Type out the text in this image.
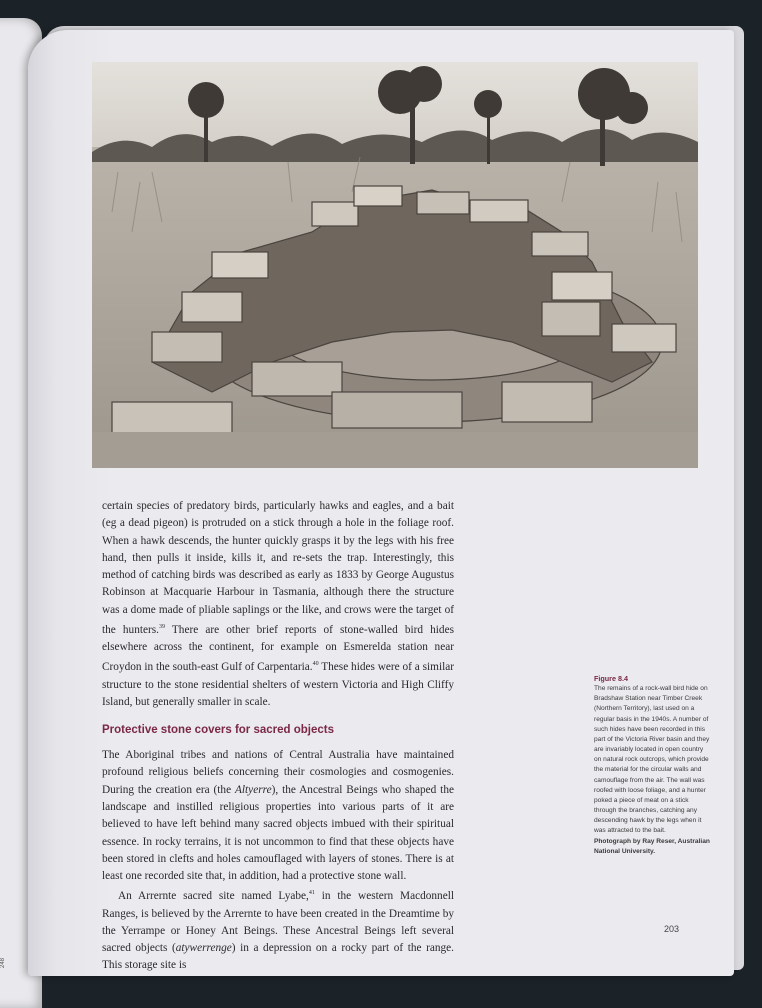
248

certain species of predatory birds, particularly hawks and eagles, and a bait (eg a dead pigeon) is protruded on a stick through a hole in the foliage roof. When a hawk descends, the hunter quickly grasps it by the legs with his free hand, then pulls it inside, kills it, and re-sets the trap. Interestingly, this method of catching birds was described as early as 1833 by George Augustus Robinson at Macquarie Harbour in Tasmania, although there the structure was a dome made of pliable saplings or the like, and crows were the target of the hunters.$^{39}$ There are other brief reports of stone-walled bird hides elsewhere across the continent, for example on Esmerelda station near Croydon in the south-east Gulf of Carpentaria.$^{40}$ These hides were of a similar structure to the stone residential shelters of western Victoria and High Cliffy Island, but generally smaller in scale.

Protective stone covers for sacred objects

The Aboriginal tribes and nations of Central Australia have maintained profound religious beliefs concerning their cosmologies and cosmogenies. During the creation era (the Altyerre), the Ancestral Beings who shaped the landscape and instilled religious properties into various parts of it are believed to have left behind many sacred objects imbued with their spiritual essence. In rocky terrains, it is not uncommon to find that these objects have been stored in clefts and holes camouflaged with layers of stones. There is at least one recorded site that, in addition, had a protective stone wall.

An Arrernte sacred site named Lyabe,$^{41}$ in the western Macdonnell Ranges, is believed by the Arrernte to have been created in the Dreamtime by the Yerrampe or Honey Ant Beings. These Ancestral Beings left several sacred objects (atywerrenge) in a depression on a rocky part of the range. This storage site is

Figure 8.4
The remains of a rock-wall bird hide on Bradshaw Station near Timber Creek (Northern Territory), last used on a regular basis in the 1940s. A number of such hides have been recorded in this part of the Victoria River basin and they are invariably located in open country on natural rock outcrops, which provide the material for the circular walls and camouflage from the air. The wall was roofed with loose foliage, and a hunter poked a piece of meat on a stick through the branches, catching any descending hawk by the legs when it was attracted to the bait.
Photograph by Ray Reser, Australian National University.
203
